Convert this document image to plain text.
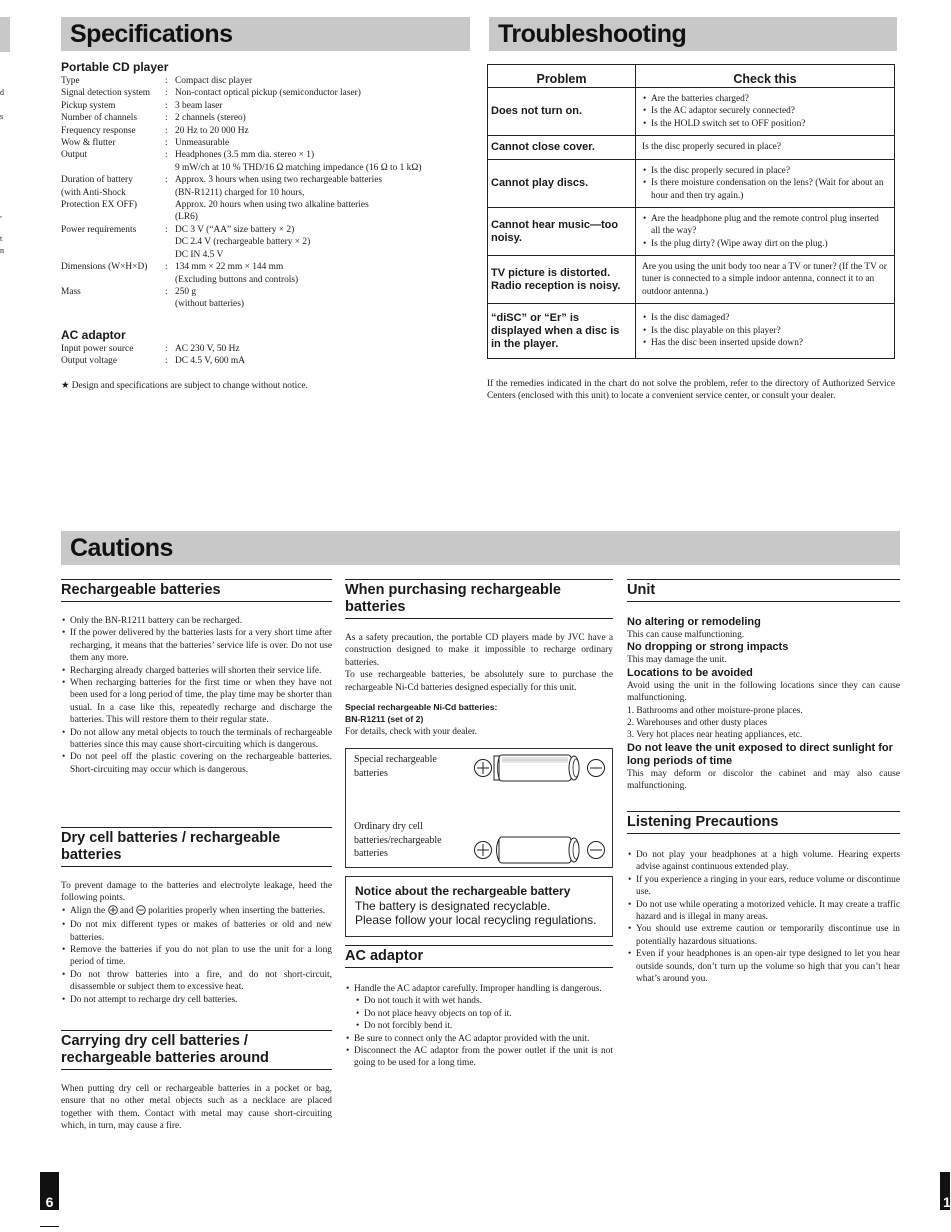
d
s
,
t
n
Specifications
Portable CD player
Type	: Compact disc player
Signal detection system	: Non-contact optical pickup (semiconductor laser)
Pickup system	: 3 beam laser
Number of channels	: 2 channels (stereo)
Frequency response	: 20 Hz to 20 000 Hz
Wow & flutter	: Unmeasurable
Output	: Headphones (3.5 mm dia. stereo × 1)
9 mW/ch at 10 % THD/16 Ω matching impedance (16 Ω to 1 kΩ)
Duration of battery	: Approx. 3 hours when using two rechargeable batteries
(with Anti-Shock	(BN-R1211) charged for 10 hours,
Protection EX OFF)	Approx. 20 hours when using two alkaline batteries
(LR6)
Power requirements	: DC 3 V (“AA” size battery × 2)
DC 2.4 V (rechargeable battery × 2)
DC IN 4.5 V
Dimensions (W×H×D)	: 134 mm × 22 mm × 144 mm
(Excluding buttons and controls)
Mass	: 250 g
(without batteries)
AC adaptor
Input power source	: AC 230 V, 50 Hz
Output voltage	: DC 4.5 V, 600 mA
★ Design and specifications are subject to change without notice.
Troubleshooting
Problem	Check this
Does not turn on.	• Are the batteries charged?
• Is the AC adaptor securely connected?
• Is the HOLD switch set to OFF position?

Cannot close cover.	Is the disc properly secured in place?
Cannot play discs.	• Is the disc properly secured in place?
• Is there moisture condensation on the lens? (Wait for about an hour and then try again.)

Cannot hear music—too noisy.	• Are the headphone plug and the remote control plug inserted all the way?
• Is the plug dirty? (Wipe away dirt on the plug.)

TV picture is distorted. Radio reception is noisy.	Are you using the unit body too near a TV or tuner? (If the TV or tuner is connected to a simple indoor antenna, connect it to an outdoor antenna.)
“diSC” or “Er” is displayed when a disc is in the player.	• Is the disc damaged?
• Is the disc playable on this player?
• Has the disc been inserted upside down?
If the remedies indicated in the chart do not solve the problem, refer to the directory of Authorized Service Centers (enclosed with this unit) to locate a convenient service center, or consult your dealer.
Cautions
Rechargeable batteries
• Only the BN-R1211 battery can be recharged.
• If the power delivered by the batteries lasts for a very short time after recharging, it means that the batteries’ service life is over. Do not use them any more.
• Recharging already charged batteries will shorten their service life.
• When recharging batteries for the first time or when they have not been used for a long period of time, the play time may be shorter than usual. In a case like this, repeatedly recharge and discharge the batteries. This will restore them to their regular state.
• Do not allow any metal objects to touch the terminals of rechargeable batteries since this may cause short-circuiting which is dangerous.
• Do not peel off the plastic covering on the rechargeable batteries. Short-circuiting may occur which is dangerous.
Dry cell batteries / rechargeable batteries

To prevent damage to the batteries and electrolyte leakage, heed the following points.

• Align the and polarities properly when inserting the batteries.
• Do not mix different types or makes of batteries or old and new batteries.
• Remove the batteries if you do not plan to use the unit for a long period of time.
• Do not throw batteries into a fire, and do not short-circuit, disassemble or subject them to excessive heat.
• Do not attempt to recharge dry cell batteries.
Carrying dry cell batteries / rechargeable batteries around
When putting dry cell or rechargeable batteries in a pocket or bag, ensure that no other metal objects such as a necklace are placed together with them. Contact with metal may cause short-circuiting which, in turn, may cause a fire.
When purchasing rechargeable batteries

As a safety precaution, the portable CD players made by JVC have a construction designed to make it impossible to recharge ordinary batteries.

To use rechargeable batteries, be absolutely sure to purchase the rechargeable Ni-Cd batteries designed especially for this unit.

Special rechargeable Ni-Cd batteries:

BN-R1211 (set of 2)

For details, check with your dealer.

Special rechargeable batteries
Ordinary dry cell batteries/rechargeable batteries
Notice about the rechargeable battery
The battery is designated recyclable.
Please follow your local recycling regulations.
AC adaptor
• Handle the AC adaptor carefully. Improper handling is dangerous.
• Do not touch it with wet hands.
• Do not place heavy objects on top of it.
• Do not forcibly bend it.
• Be sure to connect only the AC adaptor provided with the unit.
• Disconnect the AC adaptor from the power outlet if the unit is not going to be used for a long time.
Unit
No altering or remodeling

This can cause malfunctioning.

No dropping or strong impacts

This may damage the unit.

Locations to be avoided

Avoid using the unit in the following locations since they can cause malfunctioning.

1. Bathrooms and other moisture-prone places.

2. Warehouses and other dusty places

3. Very hot places near heating appliances, etc.

Do not leave the unit exposed to direct sunlight for long periods of time

This may deform or discolor the cabinet and may also cause malfunctioning.

Listening Precautions
• Do not play your headphones at a high volume. Hearing experts advise against continuous extended play.
• If you experience a ringing in your ears, reduce volume or discontinue use.
• Do not use while operating a motorized vehicle. It may create a traffic hazard and is illegal in many areas.
• You should use extreme caution or temporarily discontinue use in potentially hazardous situations.
• Even if your headphones is an open-air type designed to let you hear outside sounds, don’t turn up the volume so high that you can’t hear what’s around you.
6	1
